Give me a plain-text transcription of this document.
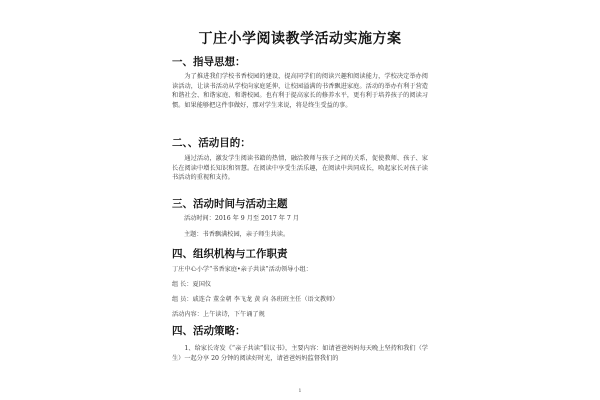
丁庄小学阅读教学活动实施方案
一、指导思想：
为了推进我们学校书香校园的建设，提高同学们的阅读兴趣和阅读能力，学校决定举办阅读活动，让读书活动从学校向家庭延伸，让校园溢满的书香飘进家庭。活动的举办有利于营造和谐社会、和谐家庭、和谐校园。也有利于提高家长的修养水平，更有利于培养孩子的阅读习惯。如果能够把这件事做好，那对学生来说，将是终生受益的事。
二、、活动目的：
通过活动，激发学生阅读书籍的热情，融洽教师与孩子之间的关系，促使教师、孩子、家长在阅读中增长知识和智慧。在阅读中享受生活乐趣，在阅读中共同成长，唤起家长对孩子读书活动的重视和支持。
三、活动时间与活动主题
活动时间：2016 年 9 月至 2017 年 7 月
主题：书香飘满校园，亲子师生共读。
四、组织机构与工作职责
丁庄中心小学“书香家庭•亲子共读”活动领导小组：
组 长：夏国仪
组 员：戚连合 董金朝 李飞龙 黄 向 各班班主任（语文教师）
活动内容：上午读诗，下午诵了规
四、活动策略：
1、给家长寄发《“亲子共读”倡议书》，主要内容：如请爸爸妈妈每天晚上坚持和我们（学生）一起分享 20 分钟的阅读好时光，请爸爸妈妈监督我们的
1
